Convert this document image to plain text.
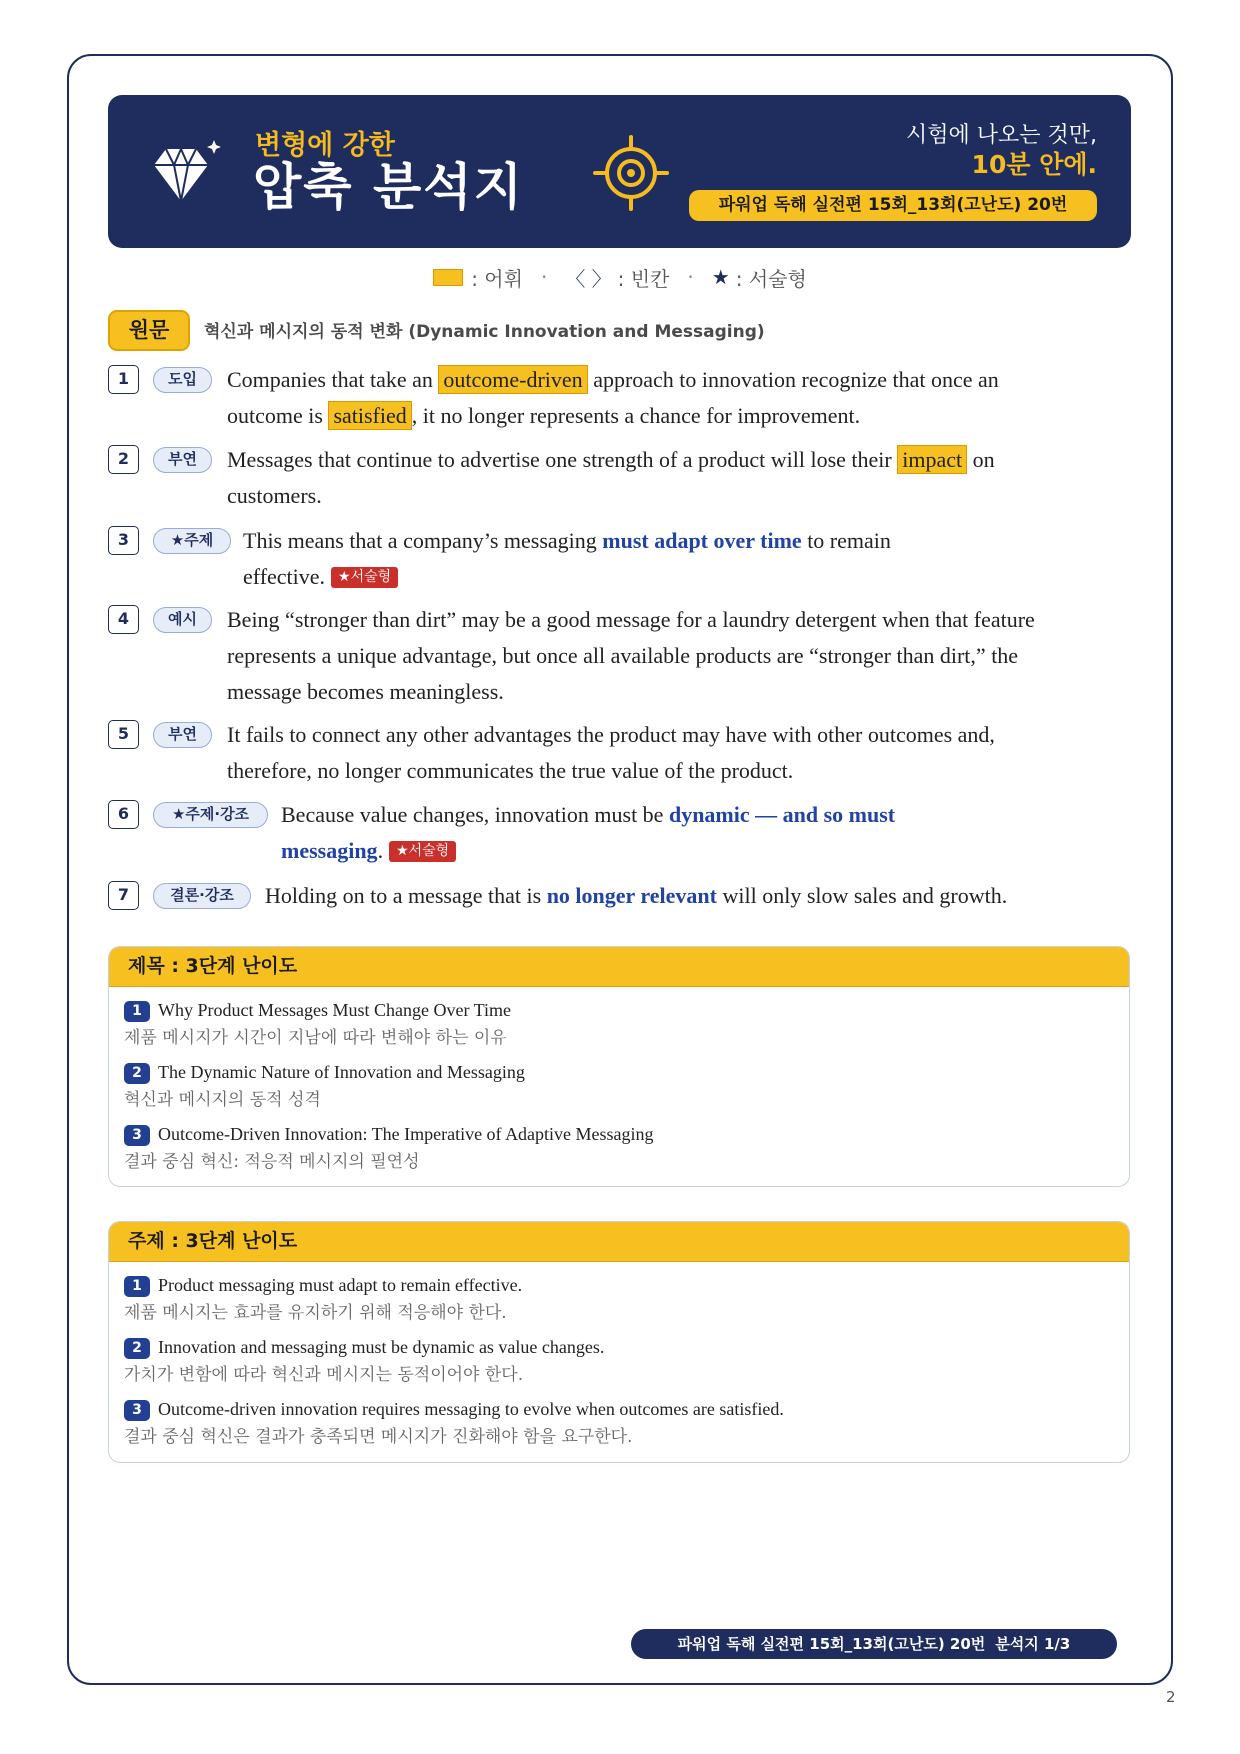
변형에 강한
압축 분석지
시험에 나오는 것만,
10분 안에.
파워업 독해 실전편 15회_13회(고난도) 20번
: 어휘 · 〈 〉 : 빈칸 · ★ : 서술형
원문	혁신과 메시지의 동적 변화 (Dynamic Innovation and Messaging)
1	도입	Companies that take an outcome-driven approach to innovation recognize that once an
outcome is satisfied , it no longer represents a chance for improvement.
2	부연	Messages that continue to advertise one strength of a product will lose their impact on
customers.
3	★주제	This means that a company’s messaging must adapt over time to remain
effective. ★서술형
4	예시	Being “stronger than dirt” may be a good message for a laundry detergent when that feature
represents a unique advantage, but once all available products are “stronger than dirt,” the
message becomes meaningless.
5	부연	It fails to connect any other advantages the product may have with other outcomes and,
therefore, no longer communicates the true value of the product.
6	★주제·강조	Because value changes, innovation must be dynamic — and so must
messaging. ★서술형
7	결론·강조	Holding on to a message that is no longer relevant will only slow sales and growth.
제목 : 3단계 난이도
1 Why Product Messages Must Change Over Time
제품 메시지가 시간이 지남에 따라 변해야 하는 이유
2 The Dynamic Nature of Innovation and Messaging
혁신과 메시지의 동적 성격
3 Outcome-Driven Innovation: The Imperative of Adaptive Messaging
결과 중심 혁신: 적응적 메시지의 필연성
주제 : 3단계 난이도
1 Product messaging must adapt to remain effective.
제품 메시지는 효과를 유지하기 위해 적응해야 한다.
2 Innovation and messaging must be dynamic as value changes.
가치가 변함에 따라 혁신과 메시지는 동적이어야 한다.
3 Outcome-driven innovation requires messaging to evolve when outcomes are satisfied.
결과 중심 혁신은 결과가 충족되면 메시지가 진화해야 함을 요구한다.
파워업 독해 실전편 15회_13회(고난도) 20번 분석지 1/3
2
